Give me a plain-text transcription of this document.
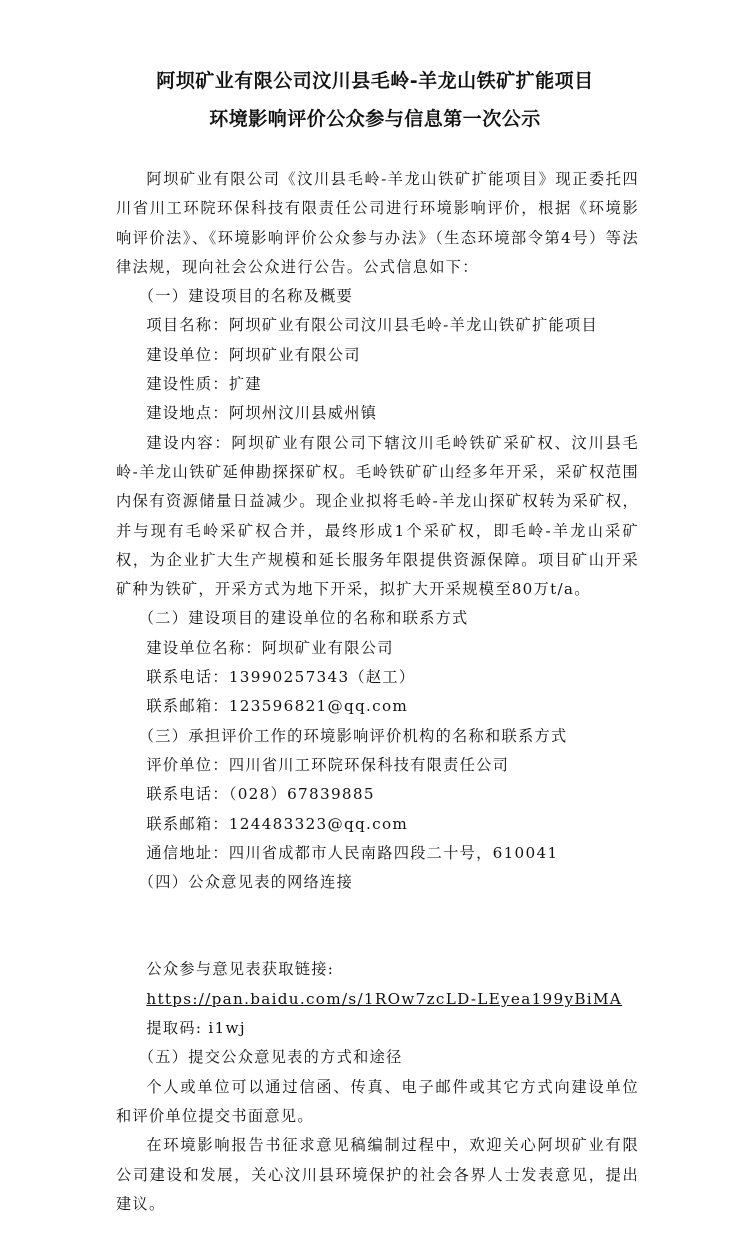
阿坝矿业有限公司汶川县毛岭-羊龙山铁矿扩能项目
环境影响评价公众参与信息第一次公示

阿坝矿业有限公司《汶川县毛岭-羊龙山铁矿扩能项目》现正委托四川省川工环院环保科技有限责任公司进行环境影响评价，根据《环境影响评价法》、《环境影响评价公众参与办法》（生态环境部令第4号）等法律法规，现向社会公众进行公告。公式信息如下：

（一）建设项目的名称及概要

项目名称：阿坝矿业有限公司汶川县毛岭-羊龙山铁矿扩能项目

建设单位：阿坝矿业有限公司

建设性质：扩建

建设地点：阿坝州汶川县威州镇

建设内容：阿坝矿业有限公司下辖汶川毛岭铁矿采矿权、汶川县毛岭-羊龙山铁矿延伸勘探探矿权。毛岭铁矿矿山经多年开采，采矿权范围内保有资源储量日益减少。现企业拟将毛岭-羊龙山探矿权转为采矿权，并与现有毛岭采矿权合并，最终形成1个采矿权，即毛岭-羊龙山采矿权，为企业扩大生产规模和延长服务年限提供资源保障。项目矿山开采矿种为铁矿，开采方式为地下开采，拟扩大开采规模至80万t/a。

（二）建设项目的建设单位的名称和联系方式

建设单位名称：阿坝矿业有限公司

联系电话：13990257343（赵工）

联系邮箱：123596821@qq.com

（三）承担评价工作的环境影响评价机构的名称和联系方式

评价单位：四川省川工环院环保科技有限责任公司

联系电话：（028）67839885

联系邮箱：124483323@qq.com

通信地址：四川省成都市人民南路四段二十号，610041

（四）公众意见表的网络连接

公众参与意见表获取链接:

https://pan.baidu.com/s/1ROw7zcLD-LEyea199yBiMA

提取码: i1wj

（五）提交公众意见表的方式和途径

个人或单位可以通过信函、传真、电子邮件或其它方式向建设单位和评价单位提交书面意见。

在环境影响报告书征求意见稿编制过程中，欢迎关心阿坝矿业有限公司建设和发展，关心汶川县环境保护的社会各界人士发表意见，提出建议。
